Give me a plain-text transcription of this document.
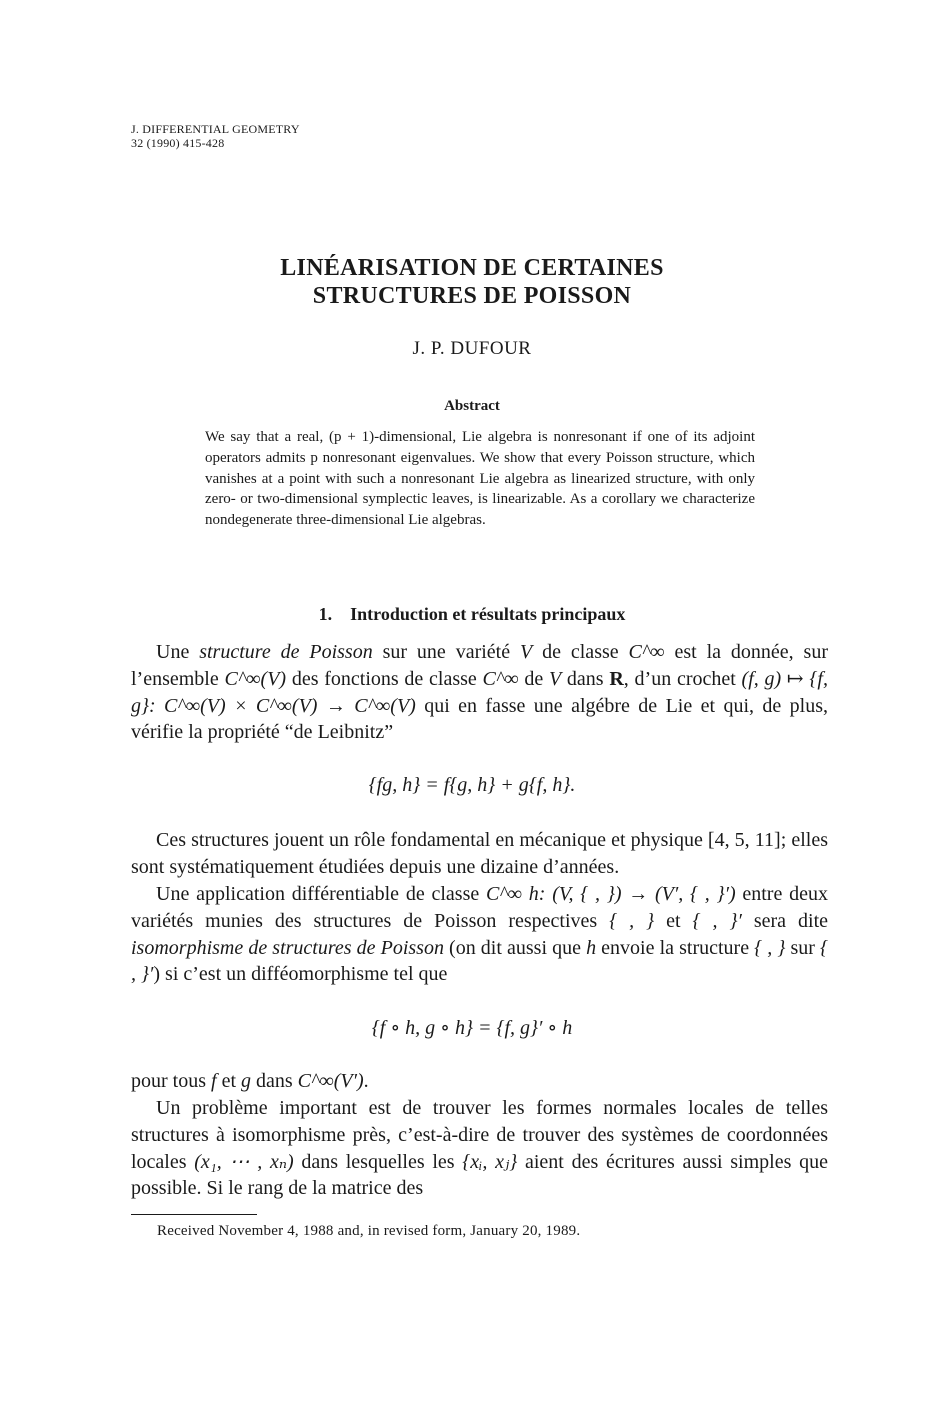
J. DIFFERENTIAL GEOMETRY
32 (1990) 415-428
LINÉARISATION DE CERTAINES
STRUCTURES DE POISSON
J. P. DUFOUR
Abstract
We say that a real, (p + 1)-dimensional, Lie algebra is nonresonant if one of its adjoint operators admits p nonresonant eigenvalues. We show that every Poisson structure, which vanishes at a point with such a nonresonant Lie algebra as linearized structure, with only zero- or two-dimensional symplectic leaves, is linearizable. As a corollary we characterize nondegenerate three-dimensional Lie algebras.
1. Introduction et résultats principaux
Une structure de Poisson sur une variété V de classe C^∞ est la donnée, sur l’ensemble C^∞(V) des fonctions de classe C^∞ de V dans R, d’un crochet (f, g) ↦ {f, g}: C^∞(V) × C^∞(V) → C^∞(V) qui en fasse une algébre de Lie et qui, de plus, vérifie la propriété “de Leibnitz”
{fg, h} = f{g, h} + g{f, h}.
Ces structures jouent un rôle fondamental en mécanique et physique [4, 5, 11]; elles sont systématiquement étudiées depuis une dizaine d’années.
Une application différentiable de classe C^∞ h: (V, { , }) → (V′, { , }′) entre deux variétés munies des structures de Poisson respectives { , } et { , }′ sera dite isomorphisme de structures de Poisson (on dit aussi que h envoie la structure { , } sur { , }′) si c’est un difféomorphisme tel que
{f ∘ h, g ∘ h} = {f, g}′ ∘ h
pour tous f et g dans C^∞(V′).
Un problème important est de trouver les formes normales locales de telles structures à isomorphisme près, c’est-à-dire de trouver des systèmes de coordonnées locales (x₁, ⋯ , xₙ) dans lesquelles les {xᵢ, xⱼ} aient des écritures aussi simples que possible. Si le rang de la matrice des
Received November 4, 1988 and, in revised form, January 20, 1989.
